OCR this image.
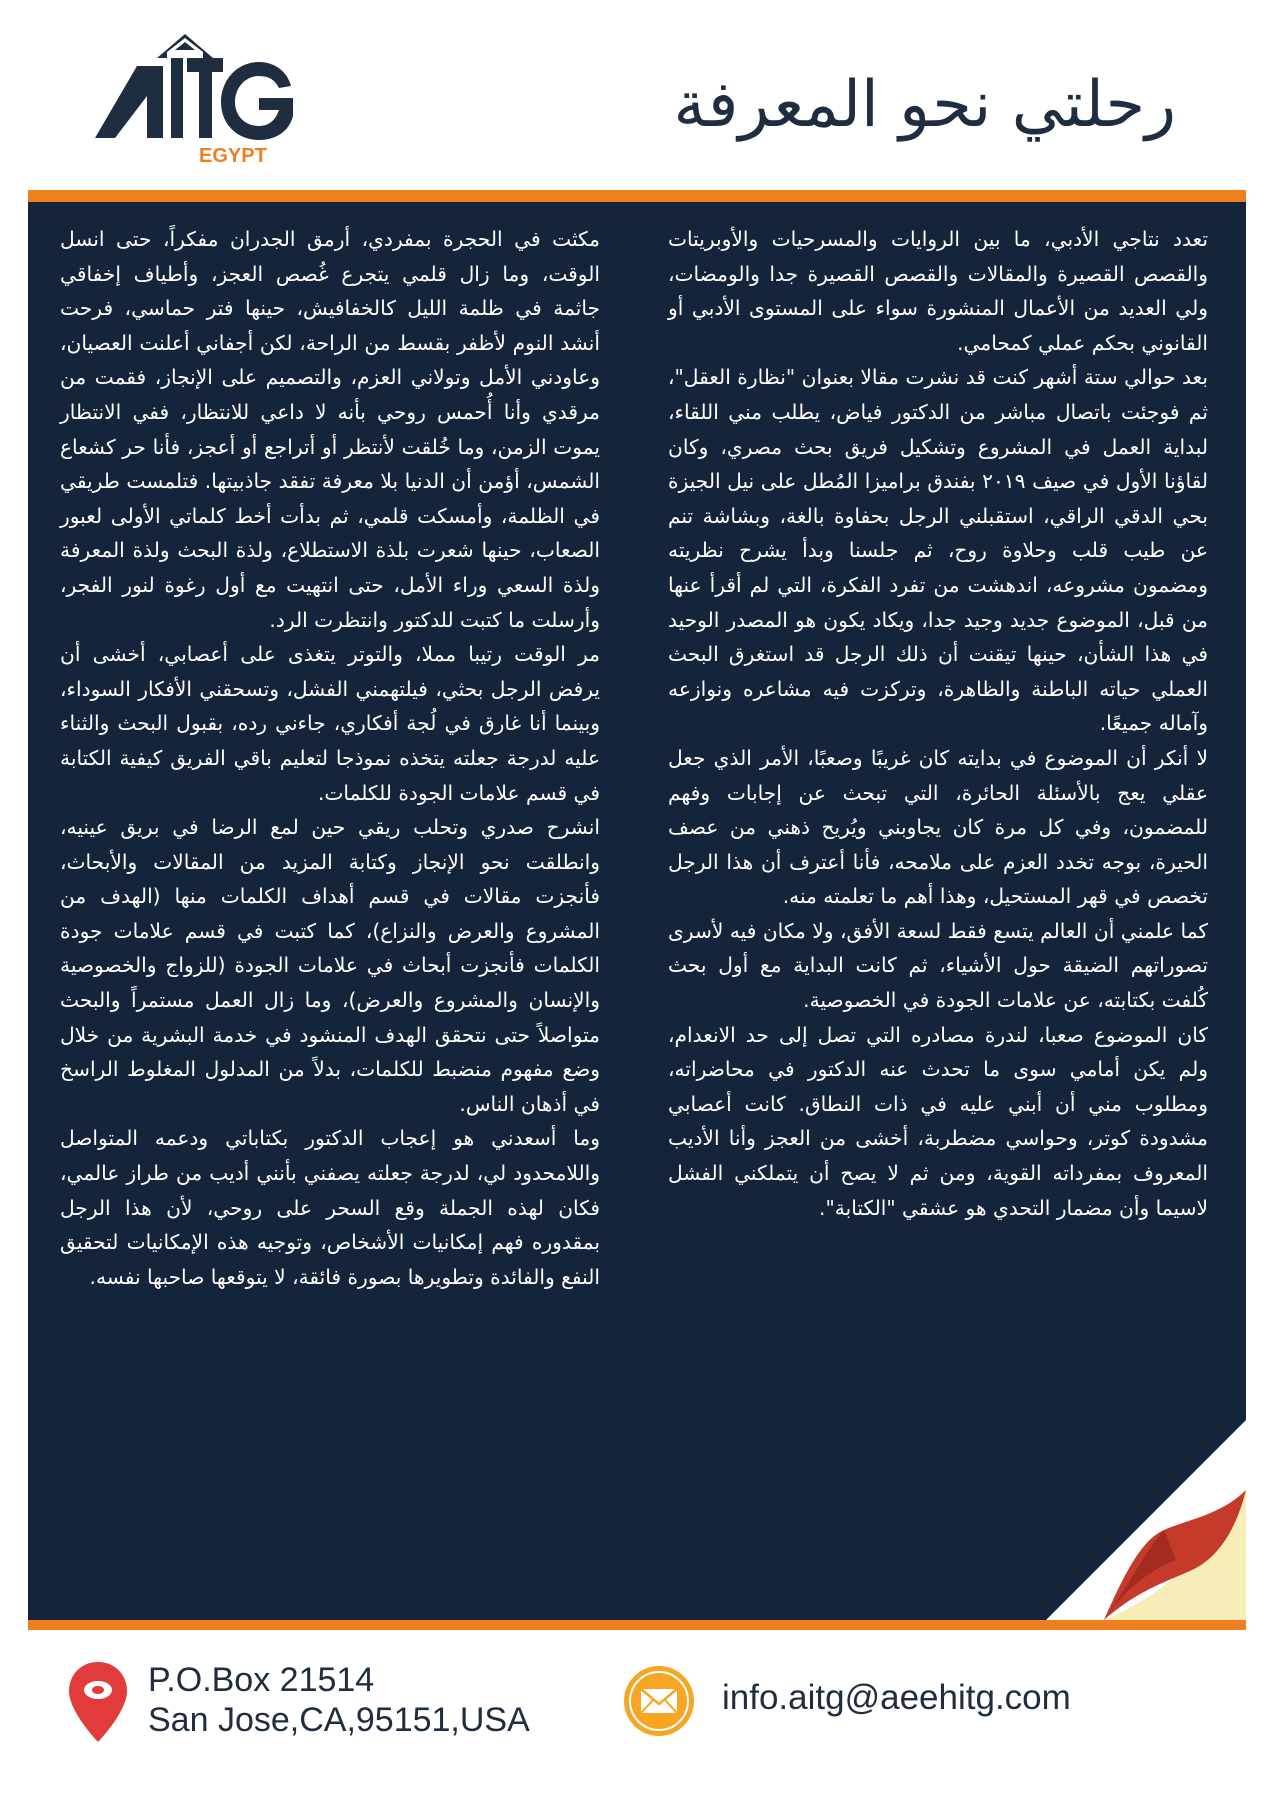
رحلتي نحو المعرفة
EGYPT

تعدد نتاجي الأدبي، ما بين الروايات والمسرحيات والأوبريتات والقصص القصيرة والمقالات والقصص القصيرة جدا والومضات، ولي العديد من الأعمال المنشورة سواء على المستوى الأدبي أو القانوني بحكم عملي كمحامي.

بعد حوالي ستة أشهر كنت قد نشرت مقالا بعنوان "نظارة العقل"، ثم فوجئت باتصال مباشر من الدكتور فياض، يطلب مني اللقاء، لبداية العمل في المشروع وتشكيل فريق بحث مصري، وكان لقاؤنا الأول في صيف ٢٠١٩ بفندق براميزا المُطل على نيل الجيزة بحي الدقي الراقي، استقبلني الرجل بحفاوة بالغة، وبشاشة تنم عن طيب قلب وحلاوة روح، ثم جلسنا وبدأ يشرح نظريته ومضمون مشروعه، اندهشت من تفرد الفكرة، التي لم أقرأ عنها من قبل، الموضوع جديد وجيد جدا، ويكاد يكون هو المصدر الوحيد في هذا الشأن، حينها تيقنت أن ذلك الرجل قد استغرق البحث العملي حياته الباطنة والظاهرة، وتركزت فيه مشاعره ونوازعه وآماله جميعًا.

لا أنكر أن الموضوع في بدايته كان غريبًا وصعبًا، الأمر الذي جعل عقلي يعج بالأسئلة الحائرة، التي تبحث عن إجابات وفهم للمضمون، وفي كل مرة كان يجاوبني ويُريح ذهني من عصف الحيرة، بوجه تخدد العزم على ملامحه، فأنا أعترف أن هذا الرجل تخصص في قهر المستحيل، وهذا أهم ما تعلمته منه.

كما علمني أن العالم يتسع فقط لسعة الأفق، ولا مكان فيه لأسرى تصوراتهم الضيقة حول الأشياء، ثم كانت البداية مع أول بحث كُلفت بكتابته، عن علامات الجودة في الخصوصية.

كان الموضوع صعبا، لندرة مصادره التي تصل إلى حد الانعدام، ولم يكن أمامي سوى ما تحدث عنه الدكتور في محاضراته، ومطلوب مني أن أبني عليه في ذات النطاق. كانت أعصابي مشدودة كوتر، وحواسي مضطربة، أخشى من العجز وأنا الأديب المعروف بمفرداته القوية، ومن ثم لا يصح أن يتملكني الفشل لاسيما وأن مضمار التحدي هو عشقي "الكتابة".

مكثت في الحجرة بمفردي، أرمق الجدران مفكراً، حتى انسل الوقت، وما زال قلمي يتجرع غُصص العجز، وأطياف إخفاقي جاثمة في ظلمة الليل كالخفافيش، حينها فتر حماسي، فرحت أنشد النوم لأظفر بقسط من الراحة، لكن أجفاني أعلنت العصيان، وعاودني الأمل وتولاني العزم، والتصميم على الإنجاز، فقمت من مرقدي وأنا أُحمس روحي بأنه لا داعي للانتظار، ففي الانتظار يموت الزمن، وما خُلقت لأنتظر أو أتراجع أو أعجز، فأنا حر كشعاع الشمس، أؤمن أن الدنيا بلا معرفة تفقد جاذبيتها. فتلمست طريقي في الظلمة، وأمسكت قلمي، ثم بدأت أخط كلماتي الأولى لعبور الصعاب، حينها شعرت بلذة الاستطلاع، ولذة البحث ولذة المعرفة ولذة السعي وراء الأمل، حتى انتهيت مع أول رغوة لنور الفجر، وأرسلت ما كتبت للدكتور وانتظرت الرد.

مر الوقت رتيبا مملا، والتوتر يتغذى على أعصابي، أخشى أن يرفض الرجل بحثي، فيلتهمني الفشل، وتسحقني الأفكار السوداء، وبينما أنا غارق في لُجة أفكاري، جاءني رده، بقبول البحث والثناء عليه لدرجة جعلته يتخذه نموذجا لتعليم باقي الفريق كيفية الكتابة في قسم علامات الجودة للكلمات.

انشرح صدري وتحلب ريقي حين لمع الرضا في بريق عينيه، وانطلقت نحو الإنجاز وكتابة المزيد من المقالات والأبحاث، فأنجزت مقالات في قسم أهداف الكلمات منها (الهدف من المشروع والعرض والنزاع)، كما كتبت في قسم علامات جودة الكلمات فأنجزت أبحاث في علامات الجودة (للزواج والخصوصية والإنسان والمشروع والعرض)، وما زال العمل مستمراً والبحث متواصلاً حتى نتحقق الهدف المنشود في خدمة البشرية من خلال وضع مفهوم منضبط للكلمات، بدلاً من المدلول المغلوط الراسخ في أذهان الناس.

وما أسعدني هو إعجاب الدكتور بكتاباتي ودعمه المتواصل واللامحدود لي، لدرجة جعلته يصفني بأنني أديب من طراز عالمي، فكان لهذه الجملة وقع السحر على روحي، لأن هذا الرجل بمقدوره فهم إمكانيات الأشخاص، وتوجيه هذه الإمكانيات لتحقيق النفع والفائدة وتطويرها بصورة فائقة، لا يتوقعها صاحبها نفسه.

P.O.Box 21514
San Jose,CA,95151,USA
info.aitg@aeehitg.com
